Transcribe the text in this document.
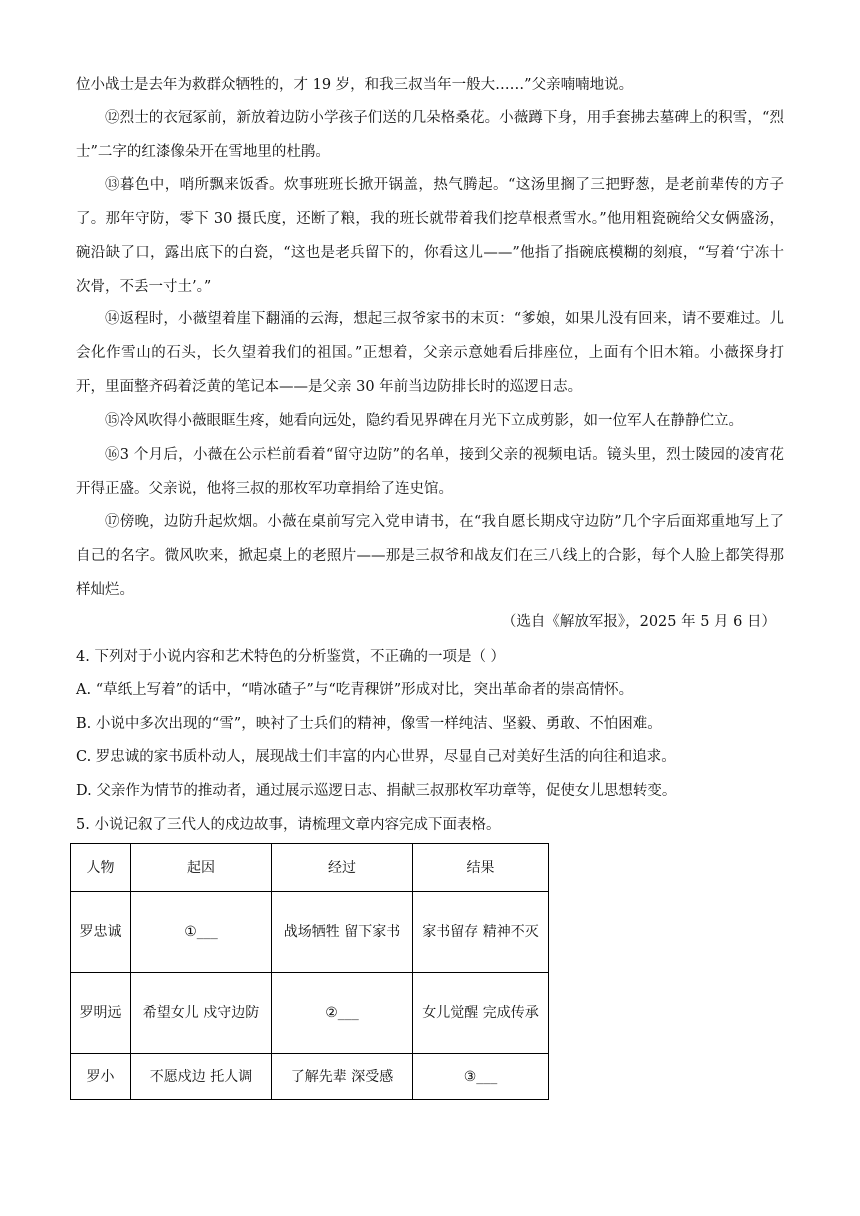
位小战士是去年为救群众牺牲的，才 19 岁，和我三叔当年一般大……”父亲喃喃地说。
⑫烈士的衣冠冢前，新放着边防小学孩子们送的几朵格桑花。小薇蹲下身，用手套拂去墓碑上的积雪，“烈士”二字的红漆像朵开在雪地里的杜鹃。
⑬暮色中，哨所飘来饭香。炊事班班长掀开锅盖，热气腾起。“这汤里搁了三把野葱，是老前辈传的方子了。那年守防，零下 30 摄氏度，还断了粮，我的班长就带着我们挖草根煮雪水。”他用粗瓷碗给父女俩盛汤，碗沿缺了口，露出底下的白瓷，“这也是老兵留下的，你看这儿——”他指了指碗底模糊的刻痕，“写着‘宁冻十次骨，不丢一寸土’。”
⑭返程时，小薇望着崖下翻涌的云海，想起三叔爷家书的末页：“爹娘，如果儿没有回来，请不要难过。儿会化作雪山的石头，长久望着我们的祖国。”正想着，父亲示意她看后排座位，上面有个旧木箱。小薇探身打开，里面整齐码着泛黄的笔记本——是父亲 30 年前当边防排长时的巡逻日志。
⑮冷风吹得小薇眼眶生疼，她看向远处，隐约看见界碑在月光下立成剪影，如一位军人在静静伫立。
⑯3 个月后，小薇在公示栏前看着“留守边防”的名单，接到父亲的视频电话。镜头里，烈士陵园的凌宵花开得正盛。父亲说，他将三叔的那枚军功章捐给了连史馆。
⑰傍晚，边防升起炊烟。小薇在桌前写完入党申请书，在“我自愿长期戍守边防”几个字后面郑重地写上了自己的名字。微风吹来，掀起桌上的老照片——那是三叔爷和战友们在三八线上的合影，每个人脸上都笑得那样灿烂。
（选自《解放军报》，2025 年 5 月 6 日）
4. 下列对于小说内容和艺术特色的分析鉴赏，不正确的一项是（ ）
A. “草纸上写着”的话中，“啃冰碴子”与“吃青稞饼”形成对比，突出革命者的崇高情怀。
B. 小说中多次出现的“雪”，映衬了士兵们的精神，像雪一样纯洁、坚毅、勇敢、不怕困难。
C. 罗忠诚的家书质朴动人，展现战士们丰富的内心世界，尽显自己对美好生活的向往和追求。
D. 父亲作为情节的推动者，通过展示巡逻日志、捐献三叔那枚军功章等，促使女儿思想转变。
5. 小说记叙了三代人的戍边故事，请梳理文章内容完成下面表格。
人物	起因	经过	结果
罗忠诚	①___	战场牺牲 留下家书	家书留存 精神不灭
罗明远	希望女儿 戍守边防	②___	女儿觉醒 完成传承
罗小	不愿戍边 托人调	了解先辈 深受感	③___
